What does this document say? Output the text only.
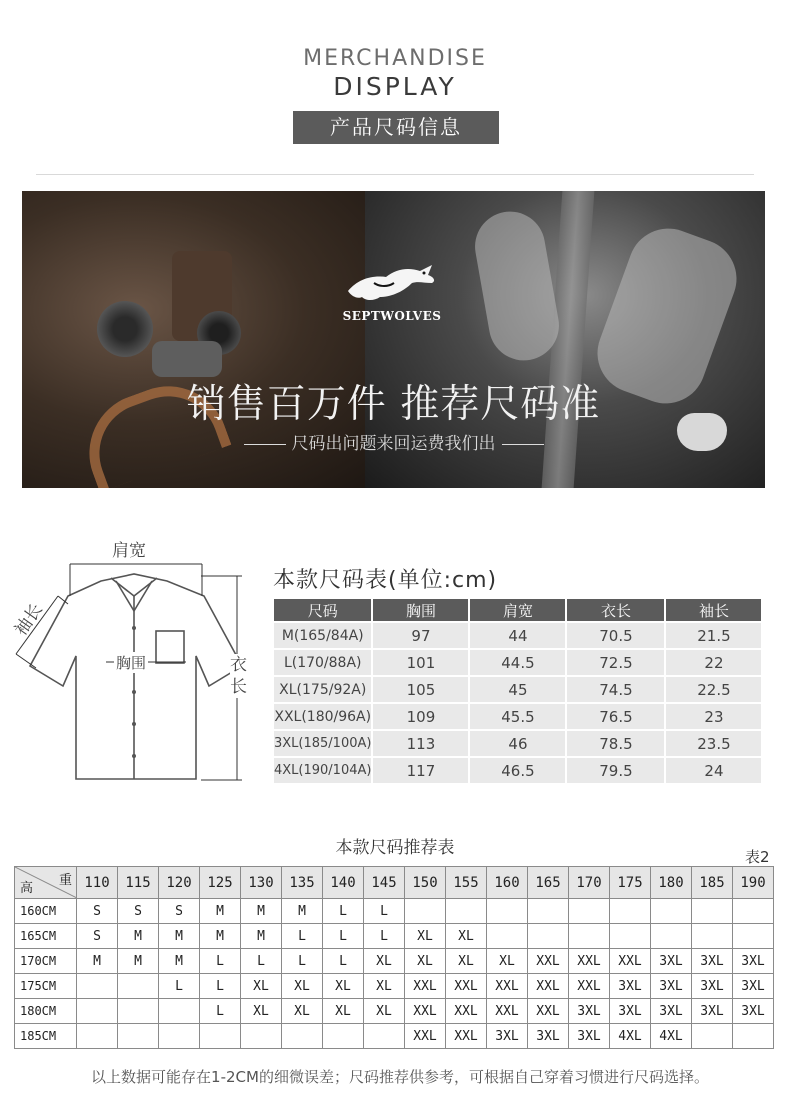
MERCHANDISE
DISPLAY
产品尺码信息
SEPTWOLVES
销售百万件 推荐尺码准
尺码出问题来回运费我们出
肩宽
袖长
胸围	衣长
本款尺码表(单位:cm)
尺码	胸围	肩宽	衣长	袖长
M(165/84A)	97	44	70.5	21.5
L(170/88A)	101	44.5	72.5	22
XL(175/92A)	105	45	74.5	22.5
XXL(180/96A)	109	45.5	76.5	23
3XL(185/100A)	113	46	78.5	23.5
4XL(190/104A)	117	46.5	79.5	24
本款尺码推荐表	表2
重
高	110	115	120	125	130	135	140	145	150	155	160	165	170	175	180	185	190
160CM	S	S	S	M	M	M	L	L									
165CM	S	M	M	M	M	L	L	L	XL	XL							
170CM	M	M	M	L	L	L	L	XL	XL	XL	XL	XXL	XXL	XXL	3XL	3XL	3XL
175CM			L	L	XL	XL	XL	XL	XXL	XXL	XXL	XXL	XXL	3XL	3XL	3XL	3XL
180CM				L	XL	XL	XL	XL	XXL	XXL	XXL	XXL	3XL	3XL	3XL	3XL	3XL
185CM									XXL	XXL	3XL	3XL	3XL	4XL	4XL		
以上数据可能存在1-2CM的细微误差；尺码推荐供参考，可根据自己穿着习惯进行尺码选择。
